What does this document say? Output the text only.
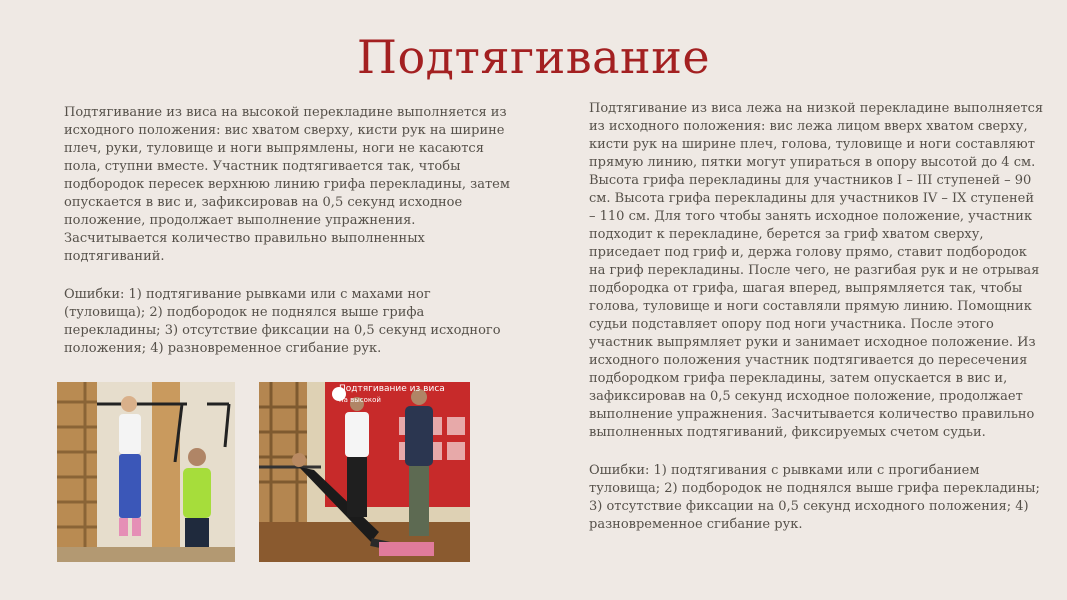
Подтягивание

Подтягивание из виса на высокой перекладине выполняется из исходного положения: вис хватом сверху, кисти рук на ширине плеч, руки, туловище и ноги выпрямлены, ноги не касаются пола, ступни вместе. Участник подтягивается так, чтобы подбородок пересек верхнюю линию грифа перекладины, затем опускается в вис и, зафиксировав на 0,5 секунд исходное положение, продолжает выполнение упражнения. Засчитывается количество правильно выполненных подтягиваний.

Ошибки: 1) подтягивание рывками или с махами ног (туловища); 2) подбородок не поднялся выше грифа перекладины; 3) отсутствие фиксации на 0,5 секунд исходного положения; 4) разновременное сгибание рук.

Подтягивание из виса лежа на низкой перекладине выполняется из исходного положения: вис лежа лицом вверх хватом сверху, кисти рук на ширине плеч, голова, туловище и ноги составляют прямую линию, пятки могут упираться в опору высотой до 4 см. Высота грифа перекладины для участников I – III ступеней – 90 см. Высота грифа перекладины для участников IV – IX ступеней – 110 см. Для того чтобы занять исходное положение, участник подходит к перекладине, берется за гриф хватом сверху, приседает под гриф и, держа голову прямо, ставит подбородок на гриф перекладины. После чего, не разгибая рук и не отрывая подбородка от грифа, шагая вперед, выпрямляется так, чтобы голова, туловище и ноги составляли прямую линию. Помощник судьи подставляет опору под ноги участника. После этого участник выпрямляет руки и занимает исходное положение. Из исходного положения участник подтягивается до пересечения подбородком грифа перекладины, затем опускается в вис и, зафиксировав на 0,5 секунд исходное положение, продолжает выполнение упражнения. Засчитывается количество правильно выполненных подтягиваний, фиксируемых счетом судьи.

Ошибки: 1) подтягивания с рывками или с прогибанием туловища; 2) подбородок не поднялся выше грифа перекладины; 3) отсутствие фиксации на 0,5 секунд исходного положения; 4) разновременное сгибание рук.

Подтягивание из виса
на высокой
